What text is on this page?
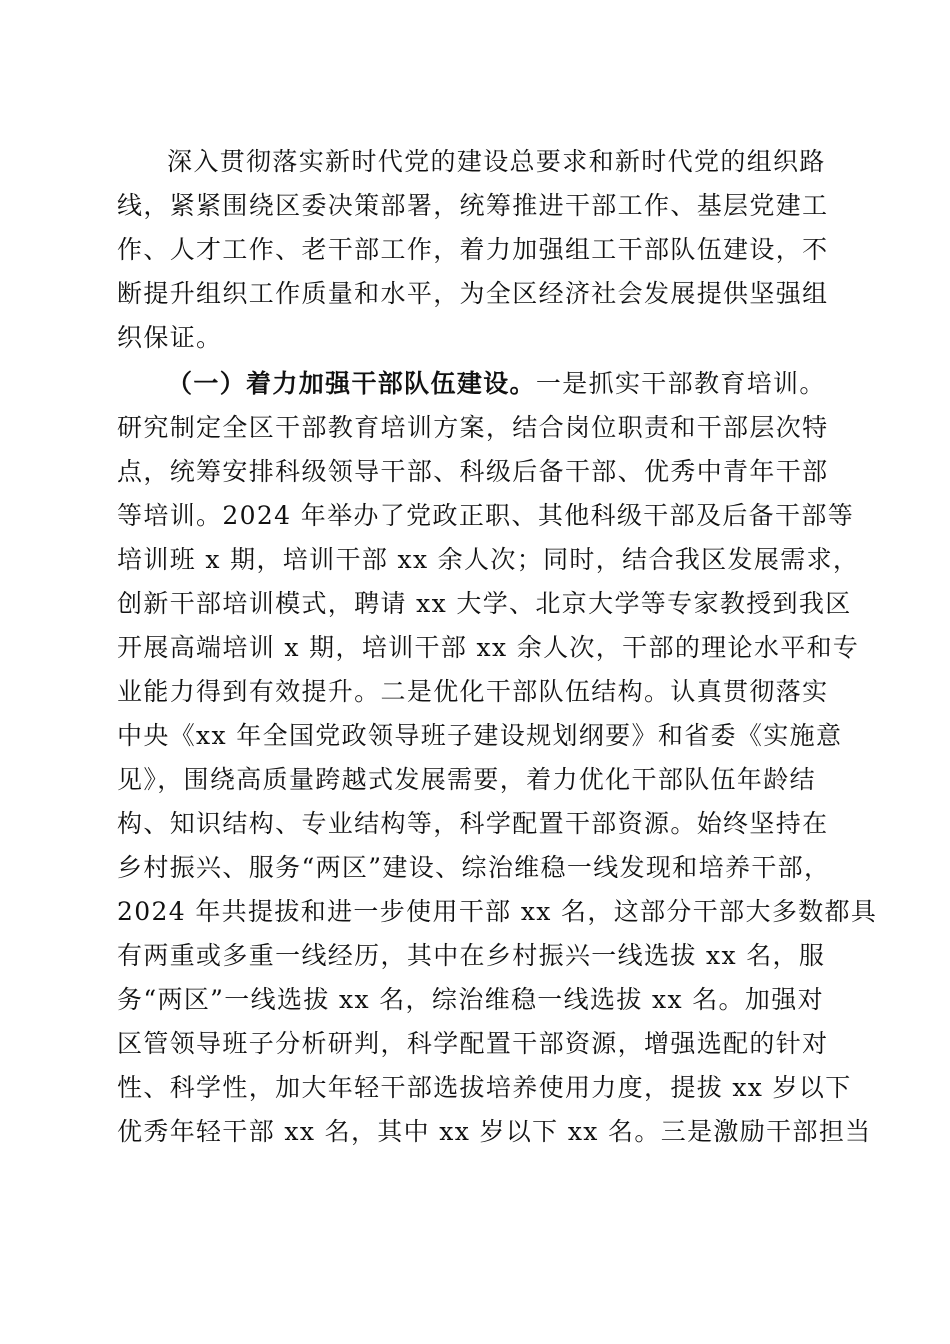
深入贯彻落实新时代党的建设总要求和新时代党的组织路
线，紧紧围绕区委决策部署，统筹推进干部工作、基层党建工
作、人才工作、老干部工作，着力加强组工干部队伍建设，不
断提升组织工作质量和水平，为全区经济社会发展提供坚强组
织保证。
（一）着力加强干部队伍建设。一是抓实干部教育培训。
研究制定全区干部教育培训方案，结合岗位职责和干部层次特
点，统筹安排科级领导干部、科级后备干部、优秀中青年干部
等培训。2024 年举办了党政正职、其他科级干部及后备干部等
培训班 x 期，培训干部 xx 余人次；同时，结合我区发展需求，
创新干部培训模式，聘请 xx 大学、北京大学等专家教授到我区
开展高端培训 x 期，培训干部 xx 余人次，干部的理论水平和专
业能力得到有效提升。二是优化干部队伍结构。认真贯彻落实
中央《xx 年全国党政领导班子建设规划纲要》和省委《实施意
见》，围绕高质量跨越式发展需要，着力优化干部队伍年龄结
构、知识结构、专业结构等，科学配置干部资源。始终坚持在
乡村振兴、服务“两区”建设、综治维稳一线发现和培养干部，
2024 年共提拔和进一步使用干部 xx 名，这部分干部大多数都具
有两重或多重一线经历，其中在乡村振兴一线选拔 xx 名，服
务“两区”一线选拔 xx 名，综治维稳一线选拔 xx 名。加强对
区管领导班子分析研判，科学配置干部资源，增强选配的针对
性、科学性，加大年轻干部选拔培养使用力度，提拔 xx 岁以下
优秀年轻干部 xx 名，其中 xx 岁以下 xx 名。三是激励干部担当
